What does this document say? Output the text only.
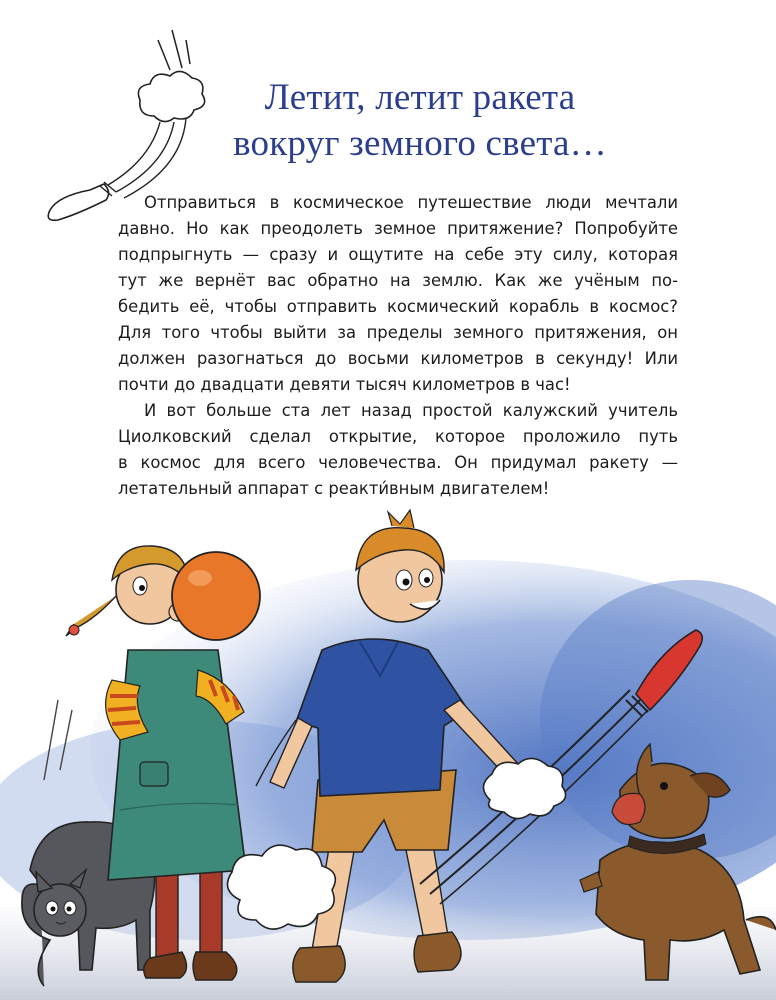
Летит, летит ракета
вокруг земного света…
Отправиться в космическое путешествие люди мечтали
давно. Но как преодолеть земное притяжение? Попробуйте
подпрыгнуть — сразу и ощутите на себе эту силу, которая
тут же вернёт вас обратно на землю. Как же учёным по-
бедить её, чтобы отправить космический корабль в космос?
Для того чтобы выйти за пределы земного притяжения, он
должен разогнаться до восьми километров в секунду! Или
почти до двадцати девяти тысяч километров в час!
И вот больше ста лет назад простой калужский учитель
Циолковский сделал открытие, которое проложило путь
в космос для всего человечества. Он придумал ракету —
летательный аппарат с реакти́вным двигателем!
